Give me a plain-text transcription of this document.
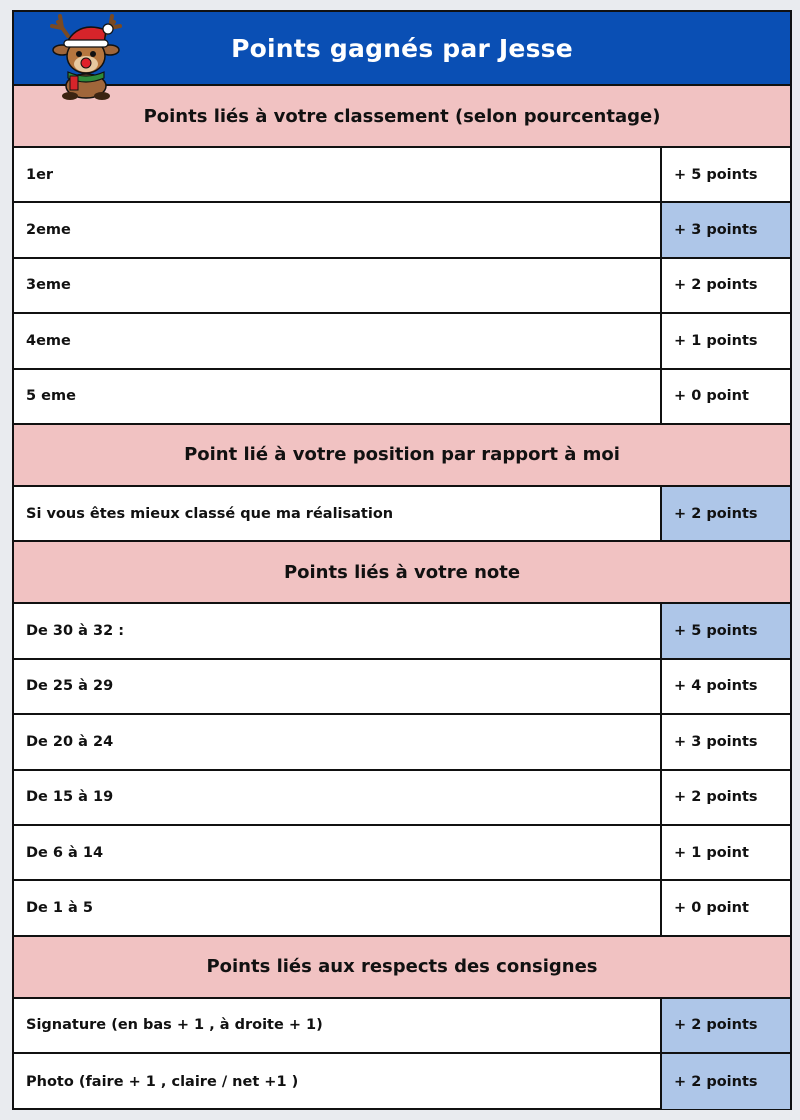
Points gagnés par Jesse
Points liés à votre classement (selon pourcentage)
1er	+ 5 points
2eme	+ 3 points
3eme	+ 2 points
4eme	+ 1 points
5 eme	+ 0 point
Point lié à votre position par rapport à moi
Si vous êtes mieux classé que ma réalisation	+ 2 points
Points liés à votre note
De 30 à 32 :	+ 5 points
De 25 à 29	+ 4 points
De 20 à 24	+ 3 points
De 15 à 19	+ 2 points
De 6 à 14	+ 1 point
De 1 à 5	+ 0 point
Points liés aux respects des consignes
Signature (en bas + 1 , à droite + 1)	+ 2 points
Photo (faire + 1 , claire / net +1 )	+ 2 points
